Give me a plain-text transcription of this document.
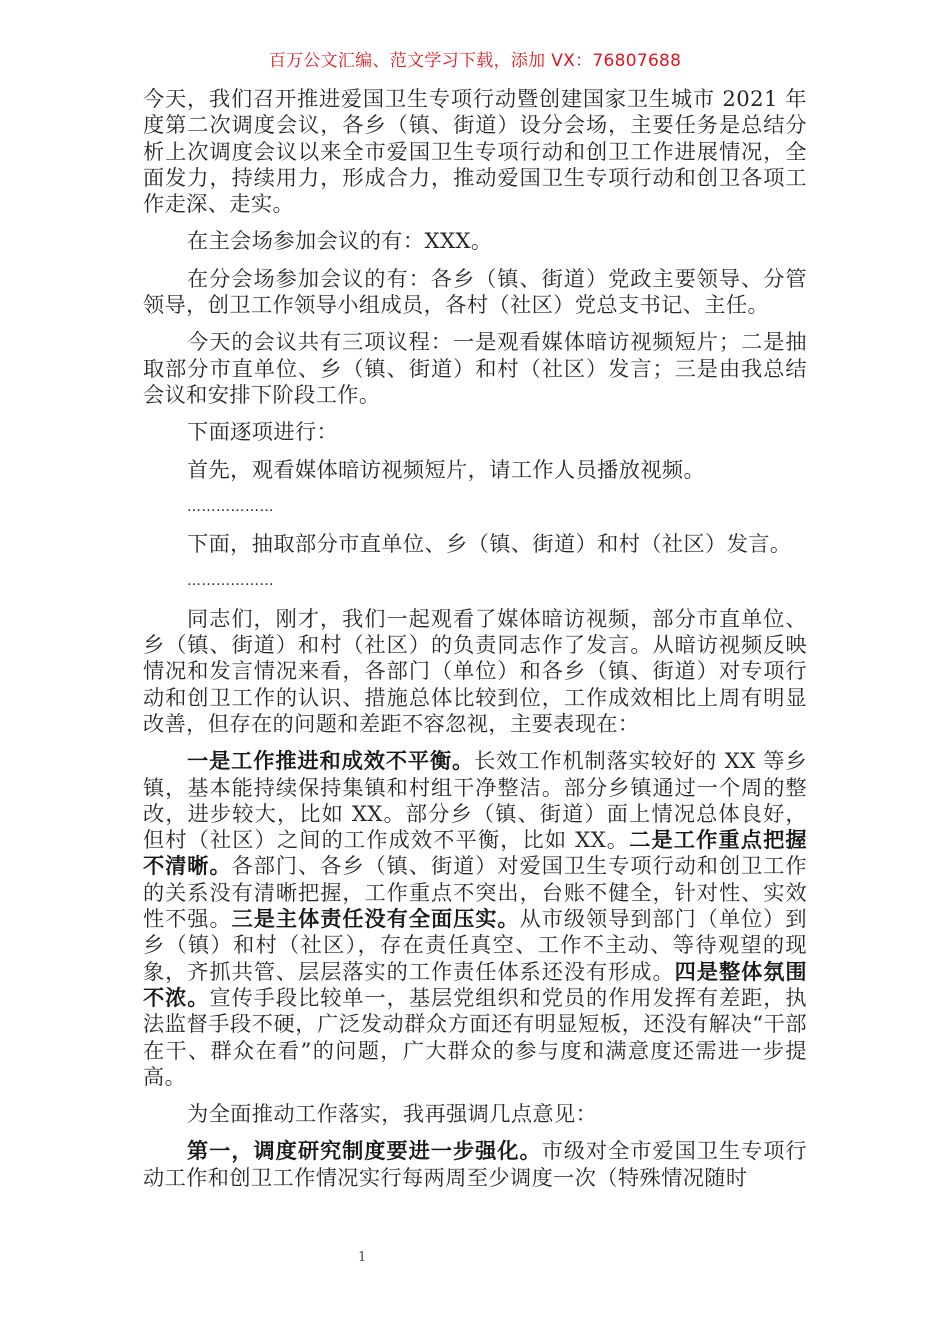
百万公文汇编、范文学习下载，添加 VX：76807688

今天，我们召开推进爱国卫生专项行动暨创建国家卫生城市 2021 年度第二次调度会议，各乡（镇、街道）设分会场，主要任务是总结分析上次调度会议以来全市爱国卫生专项行动和创卫工作进展情况，全面发力，持续用力，形成合力，推动爱国卫生专项行动和创卫各项工作走深、走实。

在主会场参加会议的有：XXX。

在分会场参加会议的有：各乡（镇、街道）党政主要领导、分管领导，创卫工作领导小组成员，各村（社区）党总支书记、主任。

今天的会议共有三项议程：一是观看媒体暗访视频短片；二是抽取部分市直单位、乡（镇、街道）和村（社区）发言；三是由我总结会议和安排下阶段工作。

下面逐项进行：

首先，观看媒体暗访视频短片，请工作人员播放视频。

………………

下面，抽取部分市直单位、乡（镇、街道）和村（社区）发言。

………………

同志们，刚才，我们一起观看了媒体暗访视频，部分市直单位、乡（镇、街道）和村（社区）的负责同志作了发言。从暗访视频反映情况和发言情况来看，各部门（单位）和各乡（镇、街道）对专项行动和创卫工作的认识、措施总体比较到位，工作成效相比上周有明显改善，但存在的问题和差距不容忽视，主要表现在：

一是工作推进和成效不平衡。长效工作机制落实较好的 XX 等乡镇，基本能持续保持集镇和村组干净整洁。部分乡镇通过一个周的整改，进步较大，比如 XX。部分乡（镇、街道）面上情况总体良好，但村（社区）之间的工作成效不平衡，比如 XX。二是工作重点把握不清晰。各部门、各乡（镇、街道）对爱国卫生专项行动和创卫工作的关系没有清晰把握，工作重点不突出，台账不健全，针对性、实效性不强。三是主体责任没有全面压实。从市级领导到部门（单位）到乡（镇）和村（社区），存在责任真空、工作不主动、等待观望的现象，齐抓共管、层层落实的工作责任体系还没有形成。四是整体氛围不浓。宣传手段比较单一，基层党组织和党员的作用发挥有差距，执法监督手段不硬，广泛发动群众方面还有明显短板，还没有解决“干部在干、群众在看”的问题，广大群众的参与度和满意度还需进一步提高。

为全面推动工作落实，我再强调几点意见：

第一，调度研究制度要进一步强化。市级对全市爱国卫生专项行动工作和创卫工作情况实行每两周至少调度一次（特殊情况随时

1
